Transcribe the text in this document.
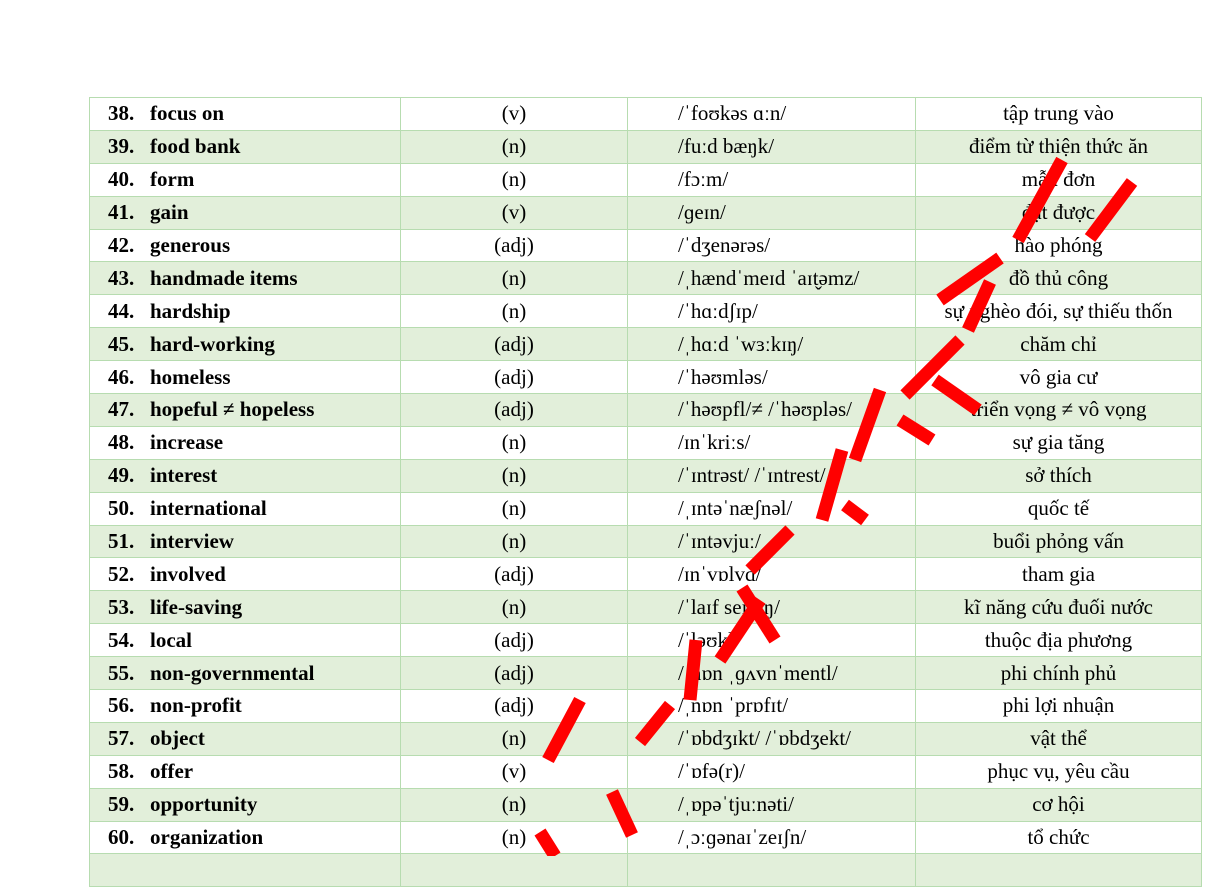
38. focus on	(v)	/ˈfoʊkəs ɑːn/	tập trung vào
39. food bank	(n)	/fuːd bæŋk/	điểm từ thiện thức ăn
40. form	(n)	/fɔːm/	mẫu đơn
41. gain	(v)	/ɡeɪn/	đạt được
42. generous	(adj)	/ˈdʒenərəs/	hào phóng
43. handmade items	(n)	/ˌhændˈmeɪd ˈaɪt̬əmz/	đồ thủ công
44. hardship	(n)	/ˈhɑːdʃɪp/	sự nghèo đói, sự thiếu thốn
45. hard-working	(adj)	/ˌhɑːd ˈwɜːkɪŋ/	chăm chỉ
46. homeless	(adj)	/ˈhəʊmləs/	vô gia cư
47. hopeful ≠ hopeless	(adj)	/ˈhəʊpfl/≠ /ˈhəʊpləs/	triển vọng ≠ vô vọng
48. increase	(n)	/ɪnˈkriːs/	sự gia tăng
49. interest	(n)	/ˈɪntrəst/ /ˈɪntrest/	sở thích
50. international	(n)	/ˌɪntəˈnæʃnəl/	quốc tế
51. interview	(n)	/ˈɪntəvjuː/	buổi phỏng vấn
52. involved	(adj)	/ɪnˈvɒlvd/	tham gia
53. life-saving	(n)	/ˈlaɪf seɪvɪŋ/	kĩ năng cứu đuối nước
54. local	(adj)	/ˈləʊkl/	thuộc địa phương
55. non-governmental	(adj)	/ˌnɒn ˌɡʌvnˈmentl/	phi chính phủ
56. non-profit	(adj)	/ˌnɒn ˈprɒfɪt/	phi lợi nhuận
57. object	(n)	/ˈɒbdʒɪkt/ /ˈɒbdʒekt/	vật thể
58. offer	(v)	/ˈɒfə(r)/	phục vụ, yêu cầu
59. opportunity	(n)	/ˌɒpəˈtjuːnəti/	cơ hội
60. organization	(n)	/ˌɔːɡənaɪˈzeɪʃn/	tổ chức
